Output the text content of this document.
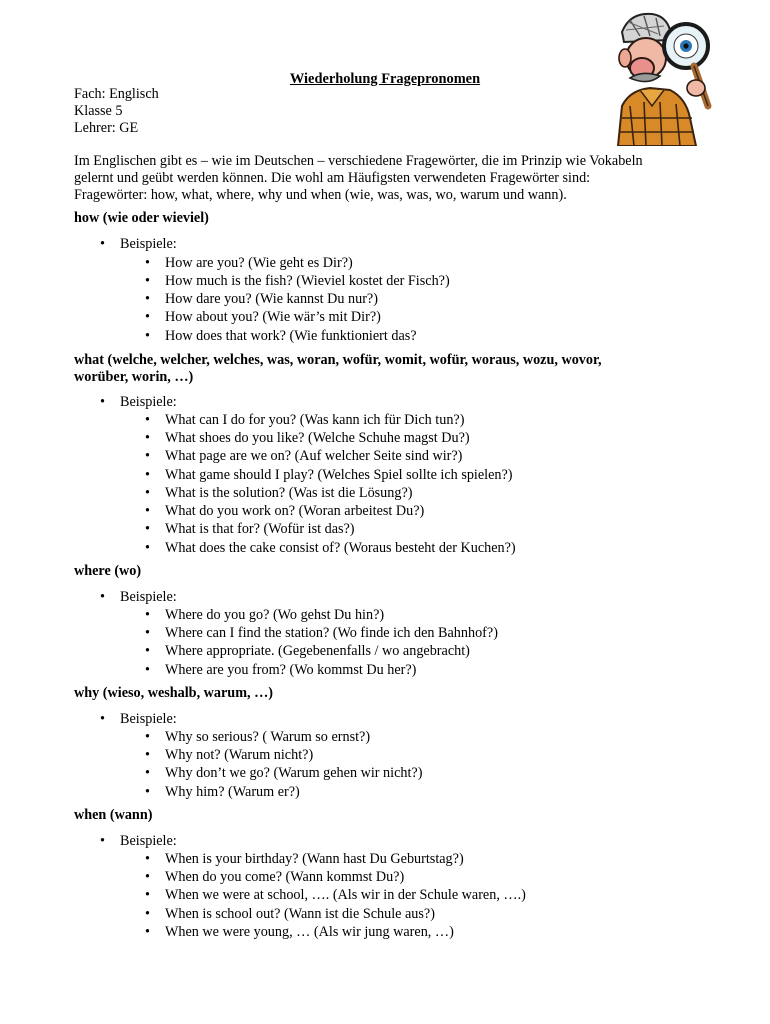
Wiederholung Fragepronomen
Fach: Englisch
Klasse 5
Lehrer: GE
Im Englischen gibt es – wie im Deutschen – verschiedene Fragewörter, die im Prinzip wie Vokabeln
gelernt und geübt werden können. Die wohl am Häufigsten verwendeten Fragewörter sind:
Fragewörter: how, what, where, why und when (wie, was, was, wo, warum und wann).
how (wie oder wieviel)
• Beispiele:
• How are you? (Wie geht es Dir?)
• How much is the fish? (Wieviel kostet der Fisch?)
• How dare you? (Wie kannst Du nur?)
• How about you? (Wie wär’s mit Dir?)
• How does that work? (Wie funktioniert das?
what (welche, welcher, welches, was, woran, wofür, womit, wofür, woraus, wozu, wovor,
worüber, worin, …)
• Beispiele:
• What can I do for you? (Was kann ich für Dich tun?)
• What shoes do you like? (Welche Schuhe magst Du?)
• What page are we on? (Auf welcher Seite sind wir?)
• What game should I play? (Welches Spiel sollte ich spielen?)
• What is the solution? (Was ist die Lösung?)
• What do you work on? (Woran arbeitest Du?)
• What is that for? (Wofür ist das?)
• What does the cake consist of? (Woraus besteht der Kuchen?)
where (wo)
• Beispiele:
• Where do you go? (Wo gehst Du hin?)
• Where can I find the station? (Wo finde ich den Bahnhof?)
• Where appropriate. (Gegebenenfalls / wo angebracht)
• Where are you from? (Wo kommst Du her?)
why (wieso, weshalb, warum, …)
• Beispiele:
• Why so serious? ( Warum so ernst?)
• Why not? (Warum nicht?)
• Why don’t we go? (Warum gehen wir nicht?)
• Why him? (Warum er?)
when (wann)
• Beispiele:
• When is your birthday? (Wann hast Du Geburtstag?)
• When do you come? (Wann kommst Du?)
• When we were at school, …. (Als wir in der Schule waren, ….)
• When is school out? (Wann ist die Schule aus?)
• When we were young, … (Als wir jung waren, …)
